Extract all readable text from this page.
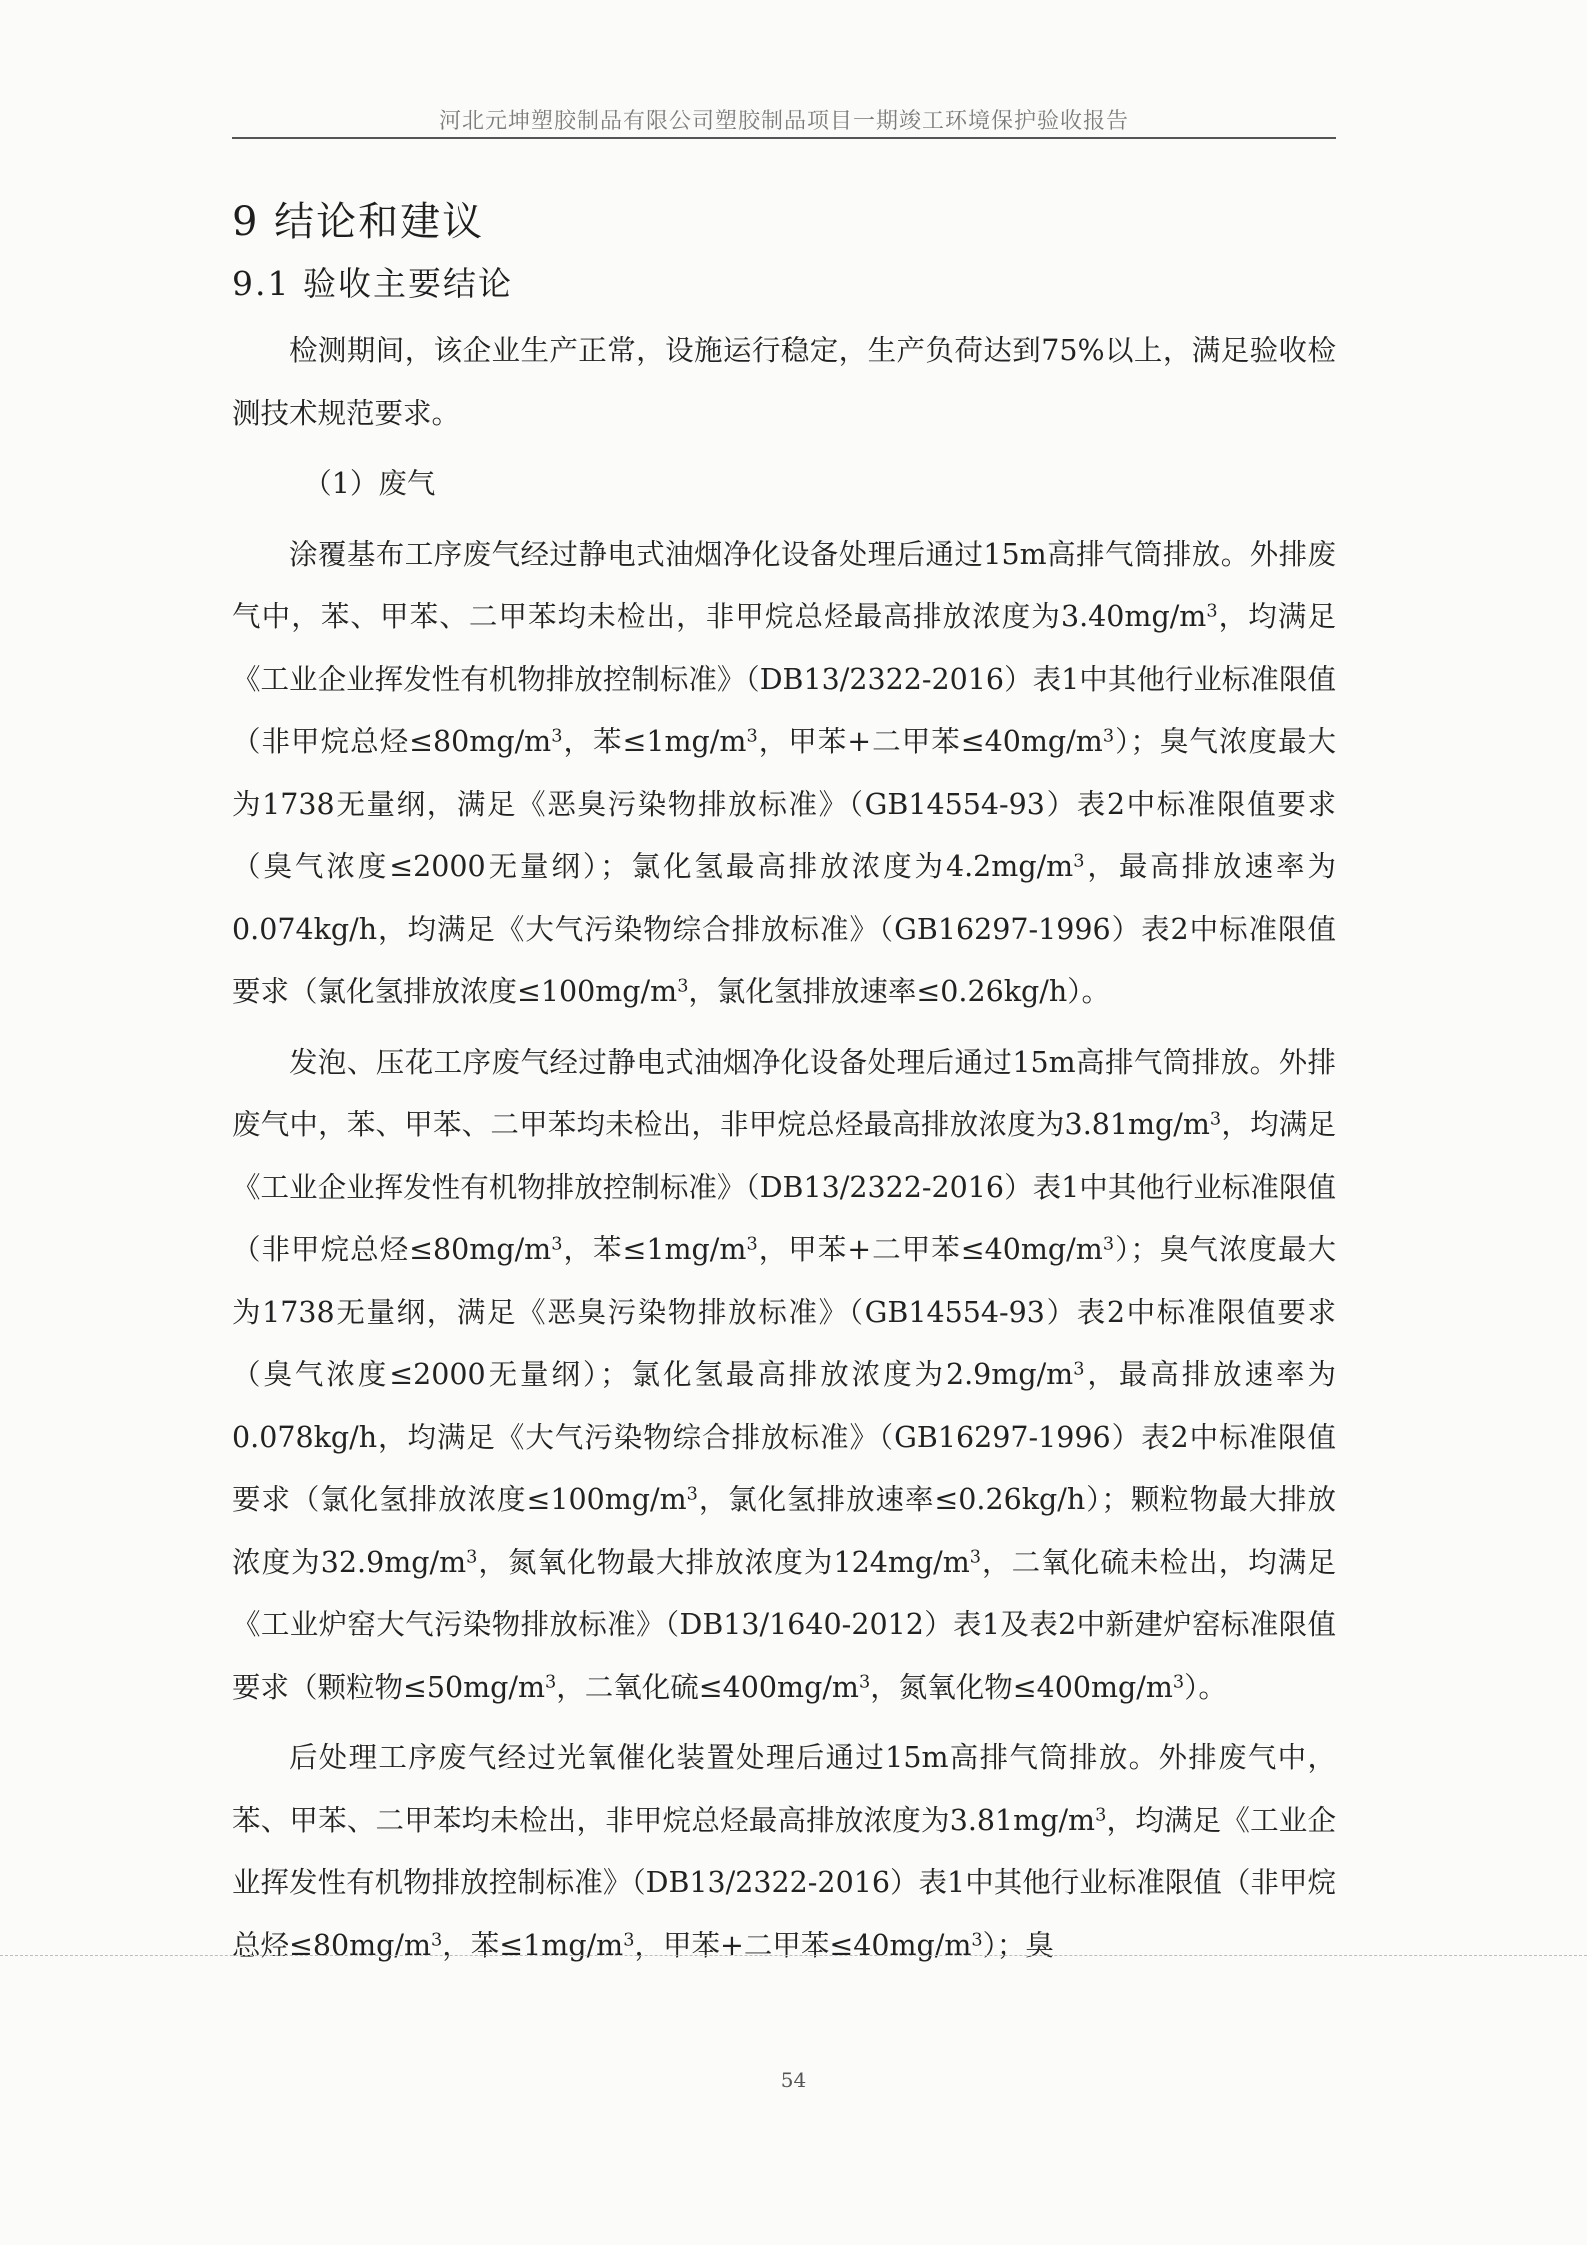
河北元坤塑胶制品有限公司塑胶制品项目一期竣工环境保护验收报告
9 结论和建议
9.1 验收主要结论

检测期间，该企业生产正常，设施运行稳定，生产负荷达到75%以上，满足验收检测技术规范要求。

（1）废气

涂覆基布工序废气经过静电式油烟净化设备处理后通过15m高排气筒排放。外排废气中，苯、甲苯、二甲苯均未检出，非甲烷总烃最高排放浓度为$3.40mg/m^3$，均满足《工业企业挥发性有机物排放控制标准》（DB13/2322-2016）表1中其他行业标准限值（非甲烷总烃$\le 80mg/m^3$，苯$\le 1mg/m^3$，甲苯+二甲苯$\le 40mg/m^3$）；臭气浓度最大为1738无量纲，满足《恶臭污染物排放标准》（GB14554-93）表2中标准限值要求（臭气浓度≤2000无量纲）；氯化氢最高排放浓度为$4.2mg/m^3$，最高排放速率为0.074kg/h，均满足《大气污染物综合排放标准》（GB16297-1996）表2中标准限值要求（氯化氢排放浓度$\le 100mg/m^3$，氯化氢排放速率≤0.26kg/h）。

发泡、压花工序废气经过静电式油烟净化设备处理后通过15m高排气筒排放。外排废气中，苯、甲苯、二甲苯均未检出，非甲烷总烃最高排放浓度为$3.81mg/m^3$，均满足《工业企业挥发性有机物排放控制标准》（DB13/2322-2016）表1中其他行业标准限值（非甲烷总烃$\le 80mg/m^3$，苯$\le 1mg/m^3$，甲苯+二甲苯$\le 40mg/m^3$）；臭气浓度最大为1738无量纲，满足《恶臭污染物排放标准》（GB14554-93）表2中标准限值要求（臭气浓度≤2000无量纲）；氯化氢最高排放浓度为$2.9mg/m^3$，最高排放速率为0.078kg/h，均满足《大气污染物综合排放标准》（GB16297-1996）表2中标准限值要求（氯化氢排放浓度$\le 100mg/m^3$，氯化氢排放速率≤0.26kg/h）；颗粒物最大排放浓度为$32.9mg/m^3$，氮氧化物最大排放浓度为$124mg/m^3$，二氧化硫未检出，均满足《工业炉窑大气污染物排放标准》（DB13/1640-2012）表1及表2中新建炉窑标准限值要求（颗粒物$\le 50mg/m^3$，二氧化硫$\le 400mg/m^3$，氮氧化物$\le 400mg/m^3$）。

后处理工序废气经过光氧催化装置处理后通过15m高排气筒排放。外排废气中，苯、甲苯、二甲苯均未检出，非甲烷总烃最高排放浓度为$3.81mg/m^3$，均满足《工业企业挥发性有机物排放控制标准》（DB13/2322-2016）表1中其他行业标准限值（非甲烷总烃$\le 80mg/m^3$，苯$\le 1mg/m^3$，甲苯+二甲苯$\le 40mg/m^3$）；臭

54
